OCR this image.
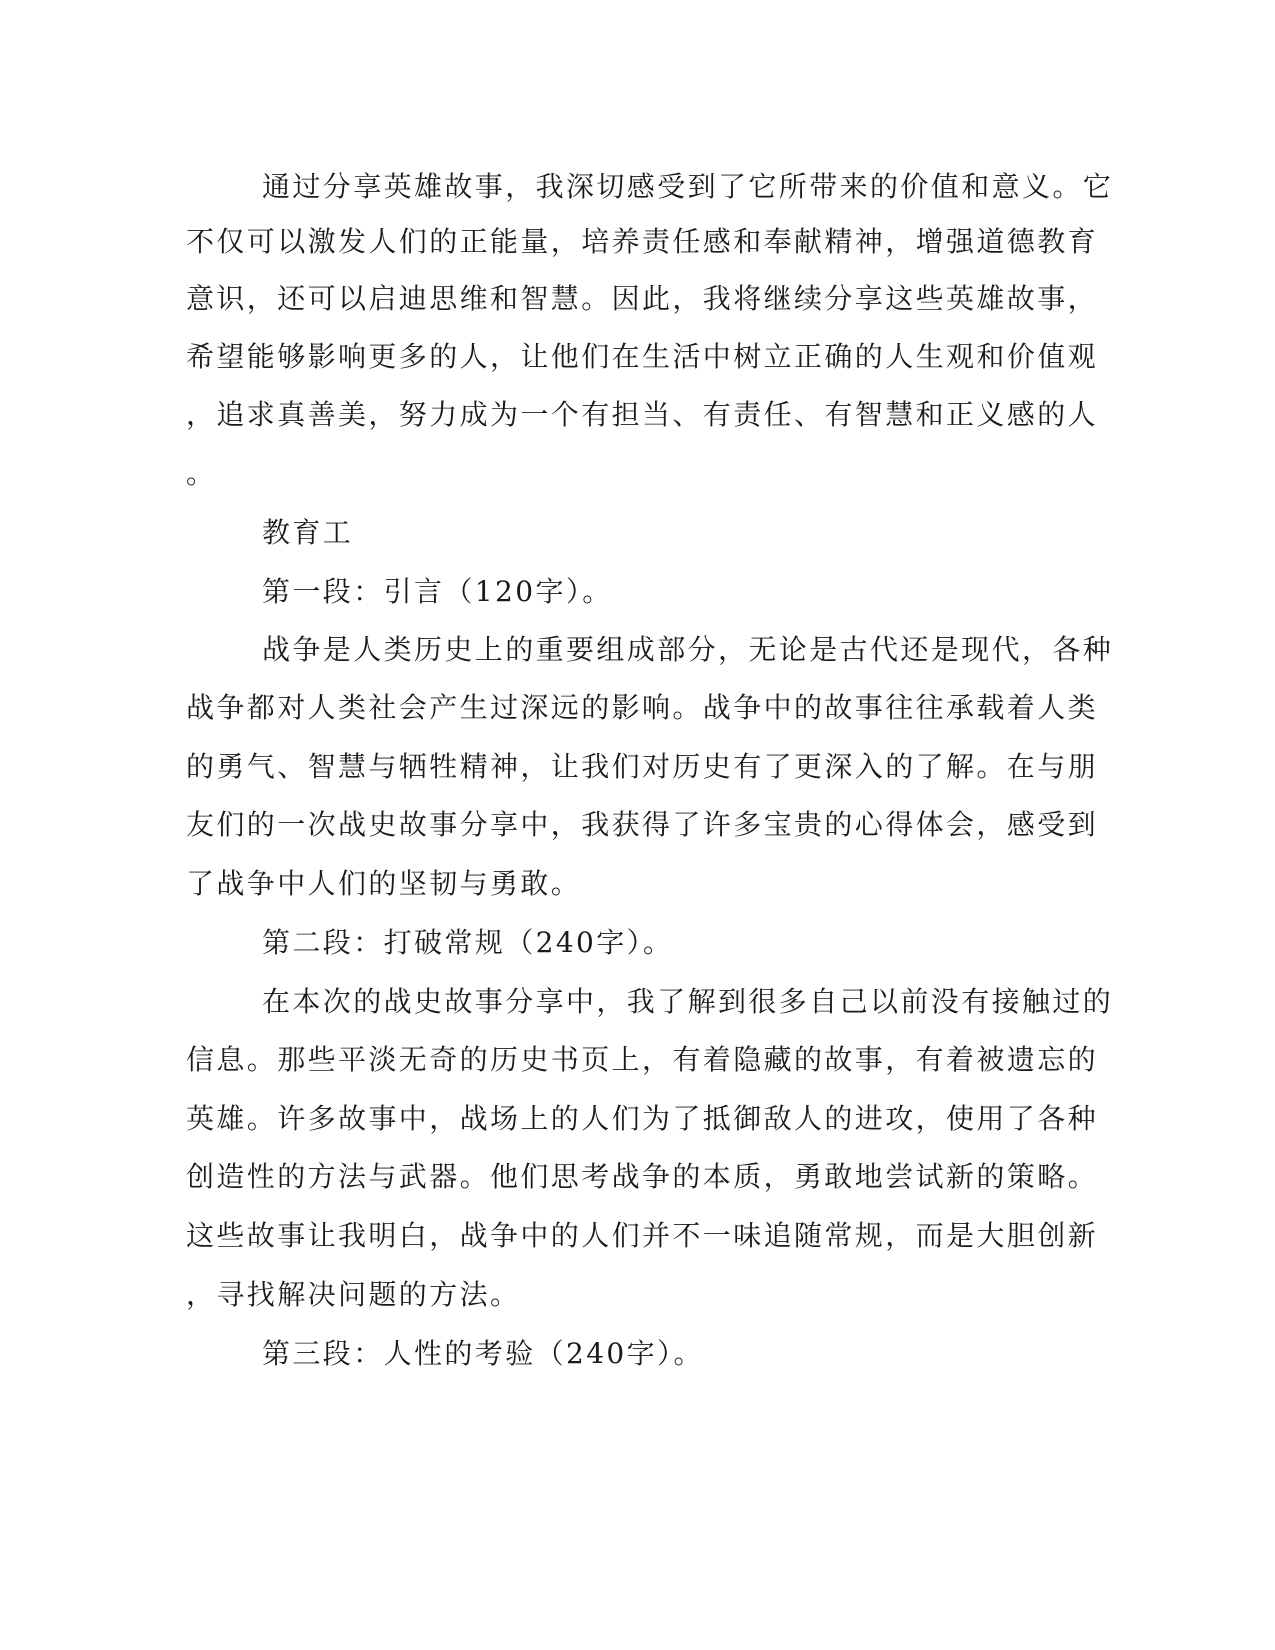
通过分享英雄故事，我深切感受到了它所带来的价值和意义。它
不仅可以激发人们的正能量，培养责任感和奉献精神，增强道德教育
意识，还可以启迪思维和智慧。因此，我将继续分享这些英雄故事，
希望能够影响更多的人，让他们在生活中树立正确的人生观和价值观
，追求真善美，努力成为一个有担当、有责任、有智慧和正义感的人
。
教育工
第一段：引言（120字）。
战争是人类历史上的重要组成部分，无论是古代还是现代，各种
战争都对人类社会产生过深远的影响。战争中的故事往往承载着人类
的勇气、智慧与牺牲精神，让我们对历史有了更深入的了解。在与朋
友们的一次战史故事分享中，我获得了许多宝贵的心得体会，感受到
了战争中人们的坚韧与勇敢。
第二段：打破常规（240字）。
在本次的战史故事分享中，我了解到很多自己以前没有接触过的
信息。那些平淡无奇的历史书页上，有着隐藏的故事，有着被遗忘的
英雄。许多故事中，战场上的人们为了抵御敌人的进攻，使用了各种
创造性的方法与武器。他们思考战争的本质，勇敢地尝试新的策略。
这些故事让我明白，战争中的人们并不一味追随常规，而是大胆创新
，寻找解决问题的方法。
第三段：人性的考验（240字）。
